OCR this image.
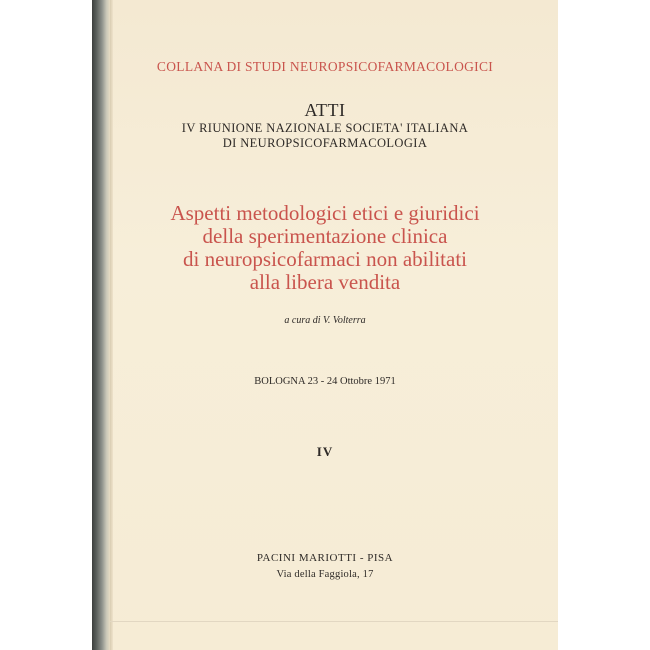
COLLANA DI STUDI NEUROPSICOFARMACOLOGICI
ATTI
IV RIUNIONE NAZIONALE SOCIETA' ITALIANA
DI NEUROPSICOFARMACOLOGIA
Aspetti metodologici etici e giuridici
della sperimentazione clinica
di neuropsicofarmaci non abilitati
alla libera vendita
a cura di V. Volterra
BOLOGNA 23 - 24 Ottobre 1971
IV
PACINI MARIOTTI - PISA
Via della Faggiola, 17
